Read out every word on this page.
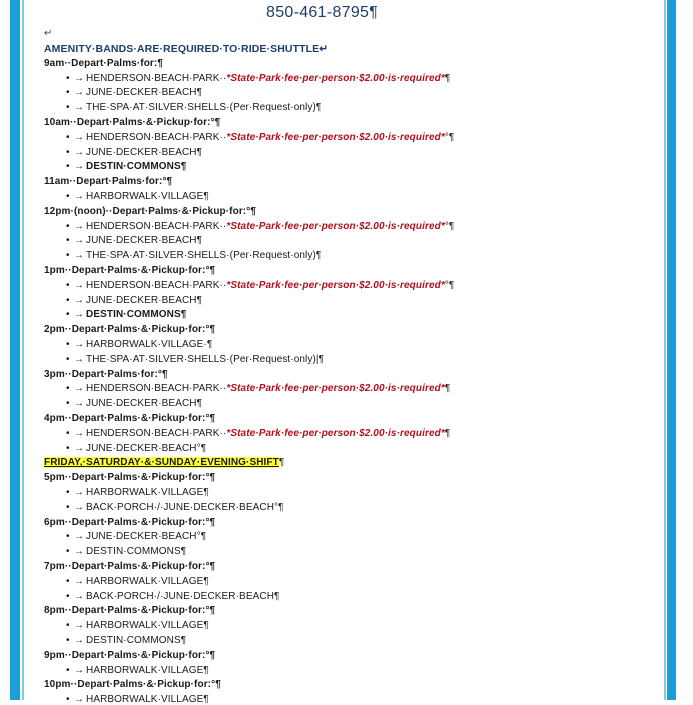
850-461-8795¶
↵
AMENITY·BANDS·ARE·REQUIRED·TO·RIDE·SHUTTLE↵
9am··Depart·Palms·for:¶
• → HENDERSON·BEACH·PARK··*State·Park·fee·per·person·$2.00·is·required*¶
• → JUNE·DECKER·BEACH¶
• → THE·SPA·AT·SILVER·SHELLS·(Per·Request·only)¶
10am··Depart·Palms·&·Pickup·for:°¶
• → HENDERSON·BEACH·PARK··*State·Park·fee·per·person·$2.00·is·required*°¶
• → JUNE·DECKER·BEACH¶
• → DESTIN·COMMONS¶
11am··Depart·Palms·for:°¶
• → HARBORWALK·VILLAGE¶
12pm·(noon)··Depart·Palms·&·Pickup·for:°¶
• → HENDERSON·BEACH·PARK··*State·Park·fee·per·person·$2.00·is·required*°¶
• → JUNE·DECKER·BEACH¶
• → THE·SPA·AT·SILVER·SHELLS·(Per·Request·only)¶
1pm··Depart·Palms·&·Pickup·for:°¶
• → HENDERSON·BEACH·PARK··*State·Park·fee·per·person·$2.00·is·required*°¶
• → JUNE·DECKER·BEACH¶
• → DESTIN·COMMONS¶
2pm··Depart·Palms·&·Pickup·for:°¶
• → HARBORWALK·VILLAGE·¶
• → THE·SPA·AT·SILVER·SHELLS·(Per·Request·only)|¶
3pm··Depart·Palms·for:°¶
• → HENDERSON·BEACH·PARK··*State·Park·fee·per·person·$2.00·is·required*¶
• → JUNE·DECKER·BEACH¶
4pm··Depart·Palms·&·Pickup·for:°¶
• → HENDERSON·BEACH·PARK··*State·Park·fee·per·person·$2.00·is·required*¶
• → JUNE·DECKER·BEACH°¶
FRIDAY,·SATURDAY·&·SUNDAY·EVENING·SHIFT¶
5pm··Depart·Palms·&·Pickup·for:°¶
• → HARBORWALK·VILLAGE¶
• → BACK·PORCH·/·JUNE·DECKER·BEACH°¶
6pm··Depart·Palms·&·Pickup·for:°¶
• → JUNE·DECKER·BEACH°¶
• → DESTIN·COMMONS¶
7pm··Depart·Palms·&·Pickup·for:°¶
• → HARBORWALK·VILLAGE¶
• → BACK·PORCH·/·JUNE·DECKER·BEACH¶
8pm··Depart·Palms·&·Pickup·for:°¶
• → HARBORWALK·VILLAGE¶
• → DESTIN·COMMONS¶
9pm··Depart·Palms·&·Pickup·for:°¶
• → HARBORWALK·VILLAGE¶
10pm··Depart·Palms·&·Pickup·for:°¶
• → HARBORWALK·VILLAGE¶
